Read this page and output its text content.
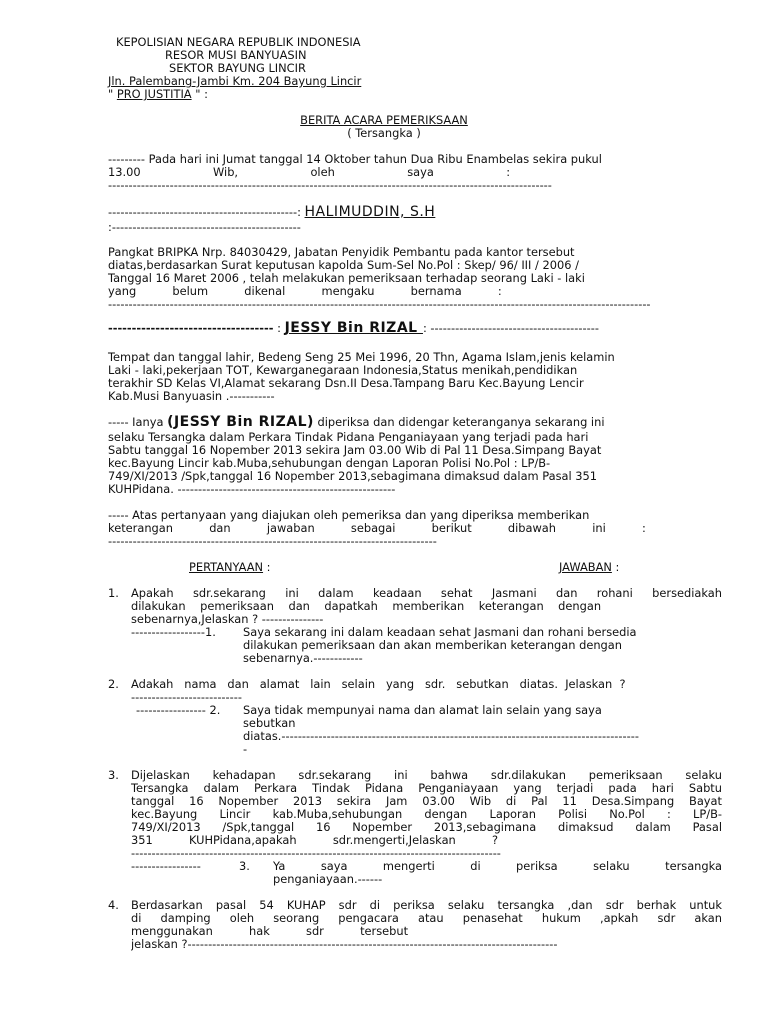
KEPOLISIAN NEGARA REPUBLIK INDONESIA
RESOR MUSI BANYUASIN
SEKTOR BAYUNG LINCIR
Jln. Palembang-Jambi Km. 204 Bayung Lincir
" PRO JUSTITIA " :
BERITA ACARA PEMERIKSAAN
( Tersangka )
--------- Pada hari ini Jumat tanggal 14 Oktober tahun Dua Ribu Enambelas sekira pukul
13.00                    Wib,                    oleh                    saya                    :
------------------------------------------------------------------------------------------------------------
----------------------------------------------: HALIMUDDIN, S.H
:----------------------------------------------
Pangkat BRIPKA Nrp. 84030429, Jabatan Penyidik Pembantu pada kantor tersebut
diatas,berdasarkan Surat keputusan kapolda Sum-Sel No.Pol : Skep/ 96/ III / 2006 /
Tanggal 16 Maret 2006 , telah melakukan pemeriksaan terhadap seorang Laki - laki
yang          belum          dikenal          mengaku          bernama          :
------------------------------------------------------------------------------------------------------------------------------------
----------------------------------- : JESSY Bin RIZAL : -----------------------------------------
Tempat dan tanggal lahir, Bedeng Seng 25 Mei 1996, 20 Thn, Agama Islam,jenis kelamin
Laki - laki,pekerjaan TOT, Kewarganegaraan Indonesia,Status menikah,pendidikan
terakhir SD Kelas VI,Alamat sekarang Dsn.II Desa.Tampang Baru Kec.Bayung Lencir
Kab.Musi Banyuasin .-----------
----- Ianya (JESSY Bin RIZAL) diperiksa dan didengar keteranganya sekarang ini
selaku Tersangka dalam Perkara Tindak Pidana Penganiayaan yang terjadi pada hari
Sabtu tanggal 16 Nopember 2013 sekira Jam 03.00 Wib di Pal 11 Desa.Simpang Bayat
kec.Bayung Lincir kab.Muba,sehubungan dengan Laporan Polisi No.Pol : LP/B-
749/XI/2013 /Spk,tanggal 16 Nopember 2013,sebagimana dimaksud dalam Pasal 351
KUHPidana. -----------------------------------------------------
----- Atas pertanyaan yang diajukan oleh pemeriksa dan yang diperiksa memberikan
keterangan          dan          jawaban          sebagai          berikut          dibawah          ini          :
--------------------------------------------------------------------------------
PERTANYAAN :	JAWABAN :
1. Apakah sdr.sekarang ini dalam keadaan sehat Jasmani dan rohani bersediakah
dilakukan    pemeriksaan    dan    dapatkah    memberikan    keterangan    dengan
sebenarnya,Jelaskan ? ---------------
------------------1. Saya sekarang ini dalam keadaan sehat Jasmani dan rohani bersedia
dilakukan pemeriksaan dan akan memberikan keterangan dengan
sebenarnya.------------
2. Adakah   nama   dan   alamat   lain   selain   yang   sdr.   sebutkan   diatas.  Jelaskan  ?
---------------------------
----------------- 2. Saya tidak mempunyai nama dan alamat lain selain yang saya
sebutkan
diatas.---------------------------------------------------------------------------------------
-
3. Dijelaskan kehadapan sdr.sekarang ini bahwa sdr.dilakukan pemeriksaan selaku
Tersangka dalam Perkara Tindak Pidana Penganiayaan yang terjadi pada hari Sabtu
tanggal 16 Nopember 2013 sekira Jam 03.00 Wib di Pal 11 Desa.Simpang Bayat
kec.Bayung Lincir kab.Muba,sehubungan dengan Laporan Polisi No.Pol : LP/B-
749/XI/2013 /Spk,tanggal 16 Nopember 2013,sebagimana dimaksud dalam Pasal
351          KUHPidana,apakah          sdr.mengerti,Jelaskan          ?
------------------------------------------------------------------------------------------
-----------------	3. Ya saya mengerti di periksa selaku tersangka
penganiayaan.------
4. Berdasarkan pasal 54 KUHAP sdr di periksa selaku tersangka ,dan sdr berhak untuk
di damping oleh seorang pengacara atau penasehat hukum ,apkah sdr akan
menggunakan          hak          sdr          tersebut
jelaskan ?------------------------------------------------------------------------------------------
